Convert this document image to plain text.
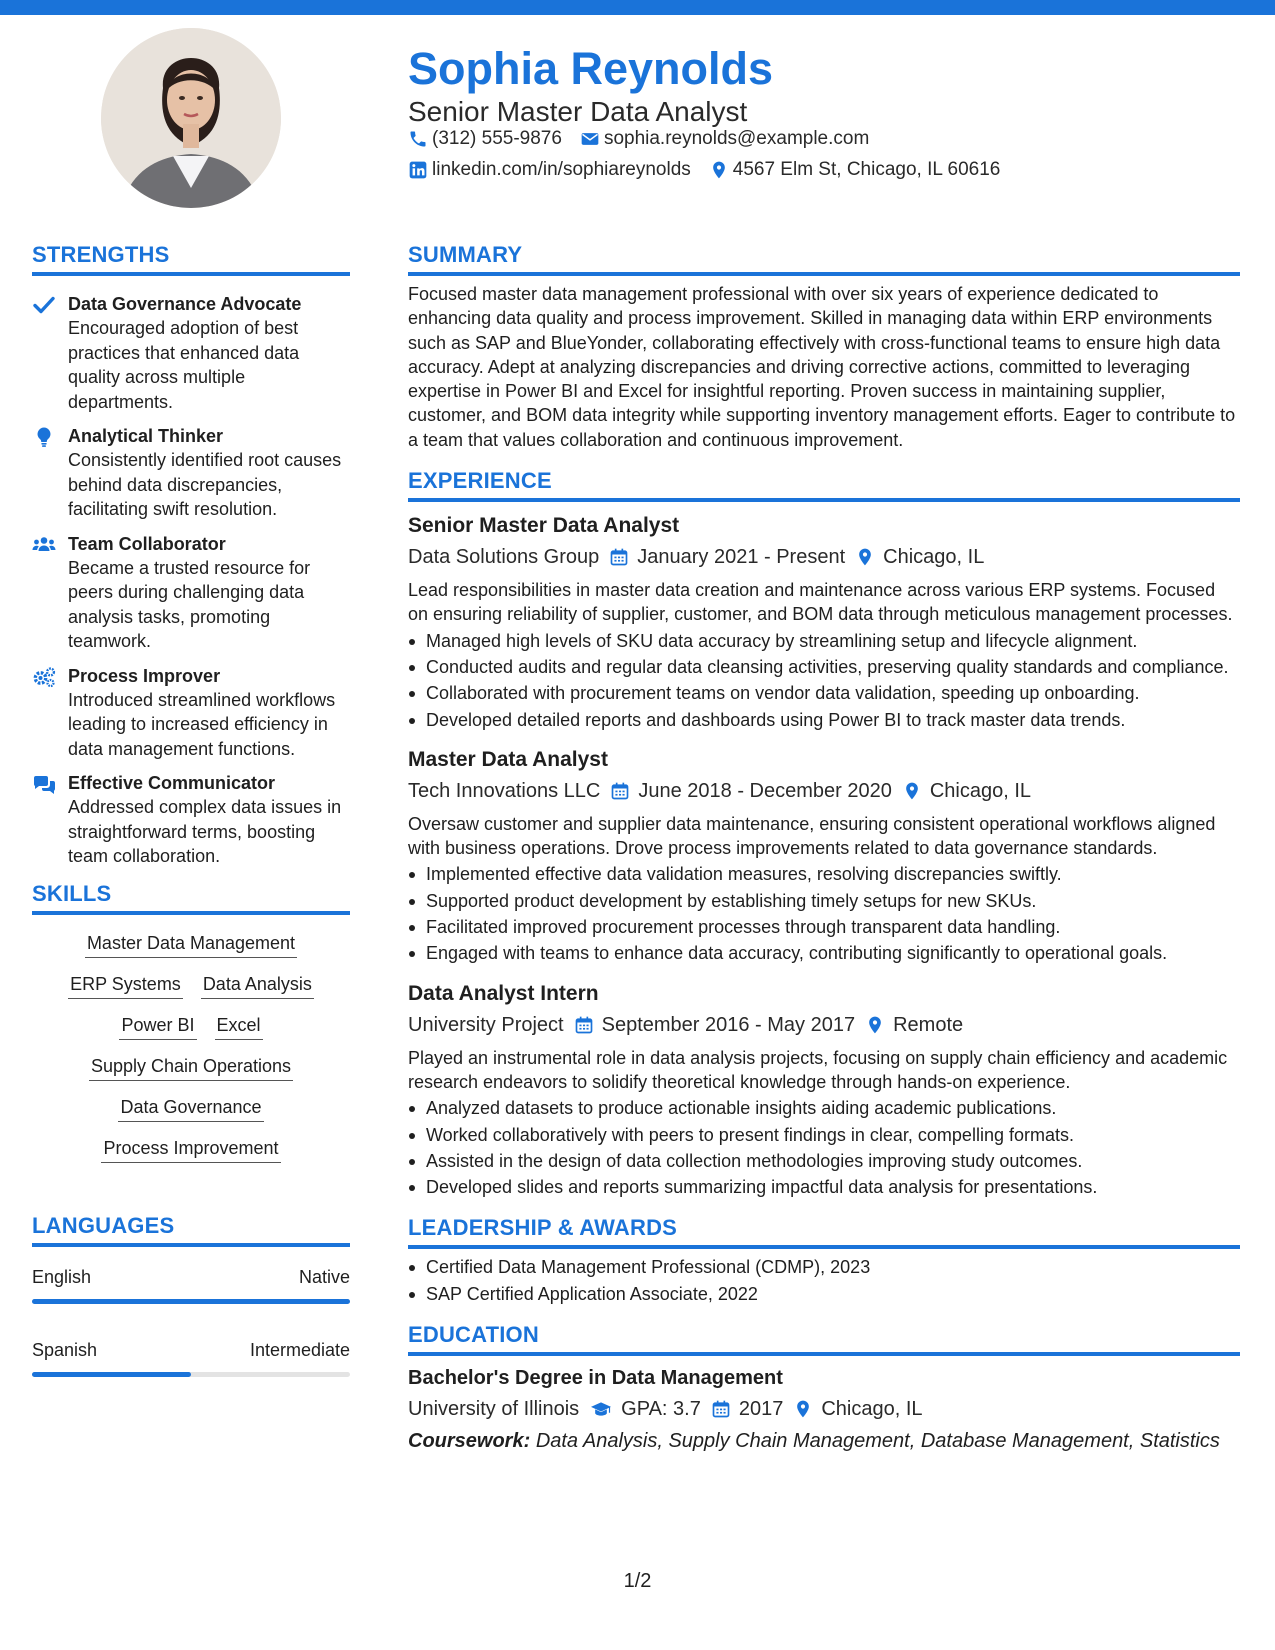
Sophia Reynolds
Senior Master Data Analyst
(312) 555-9876 sophia.reynolds@example.com
linkedin.com/in/sophiareynolds 4567 Elm St, Chicago, IL 60616
STRENGTHS
Data Governance Advocate
Encouraged adoption of best practices that enhanced data quality across multiple departments.
Analytical Thinker
Consistently identified root causes behind data discrepancies, facilitating swift resolution.
Team Collaborator
Became a trusted resource for peers during challenging data analysis tasks, promoting teamwork.
Process Improver
Introduced streamlined workflows leading to increased efficiency in data management functions.
Effective Communicator
Addressed complex data issues in straightforward terms, boosting team collaboration.
SKILLS
Master Data Management
ERP Systems Data Analysis
Power BI Excel
Supply Chain Operations
Data Governance
Process Improvement
LANGUAGES
English	Native
Spanish	Intermediate
SUMMARY

Focused master data management professional with over six years of experience dedicated to enhancing data quality and process improvement. Skilled in managing data within ERP environments such as SAP and BlueYonder, collaborating effectively with cross-functional teams to ensure high data accuracy. Adept at analyzing discrepancies and driving corrective actions, committed to leveraging expertise in Power BI and Excel for insightful reporting. Proven success in maintaining supplier, customer, and BOM data integrity while supporting inventory management efforts. Eager to contribute to a team that values collaboration and continuous improvement.

EXPERIENCE
Senior Master Data Analyst
Data Solutions Group January 2021 - Present Chicago, IL

Lead responsibilities in master data creation and maintenance across various ERP systems. Focused on ensuring reliability of supplier, customer, and BOM data through meticulous management processes.

Managed high levels of SKU data accuracy by streamlining setup and lifecycle alignment.
Conducted audits and regular data cleansing activities, preserving quality standards and compliance.
Collaborated with procurement teams on vendor data validation, speeding up onboarding.
Developed detailed reports and dashboards using Power BI to track master data trends.
Master Data Analyst
Tech Innovations LLC June 2018 - December 2020 Chicago, IL

Oversaw customer and supplier data maintenance, ensuring consistent operational workflows aligned with business operations. Drove process improvements related to data governance standards.

Implemented effective data validation measures, resolving discrepancies swiftly.
Supported product development by establishing timely setups for new SKUs.
Facilitated improved procurement processes through transparent data handling.
Engaged with teams to enhance data accuracy, contributing significantly to operational goals.
Data Analyst Intern
University Project September 2016 - May 2017 Remote

Played an instrumental role in data analysis projects, focusing on supply chain efficiency and academic research endeavors to solidify theoretical knowledge through hands-on experience.

Analyzed datasets to produce actionable insights aiding academic publications.
Worked collaboratively with peers to present findings in clear, compelling formats.
Assisted in the design of data collection methodologies improving study outcomes.
Developed slides and reports summarizing impactful data analysis for presentations.
LEADERSHIP & AWARDS
Certified Data Management Professional (CDMP), 2023
SAP Certified Application Associate, 2022
EDUCATION
Bachelor's Degree in Data Management
University of Illinois GPA: 3.7 2017 Chicago, IL
Coursework: Data Analysis, Supply Chain Management, Database Management, Statistics
1/2
